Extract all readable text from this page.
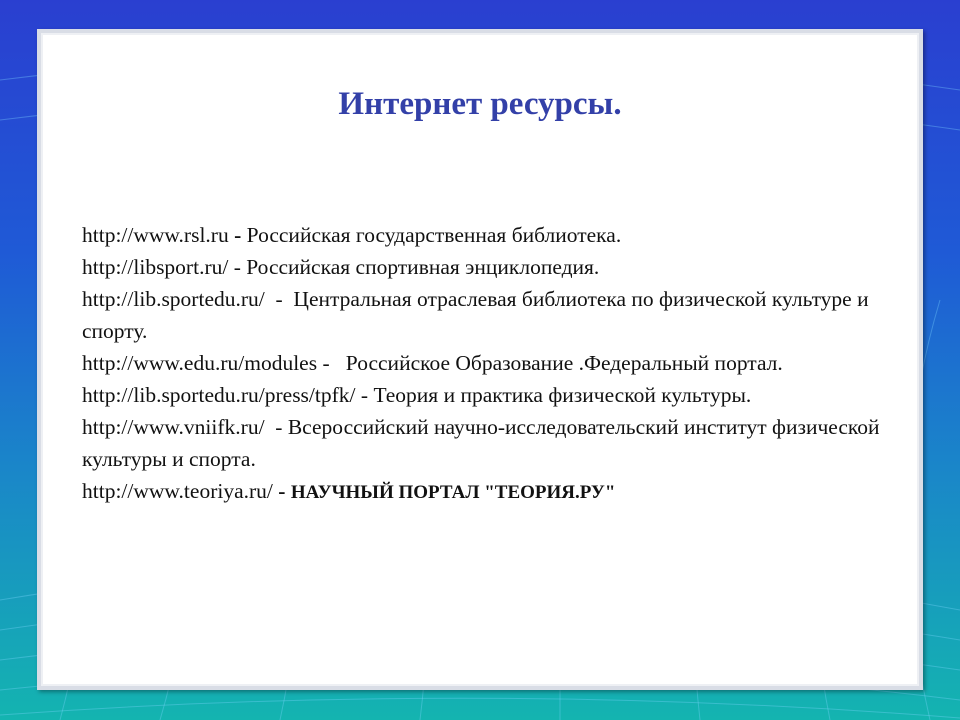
Интернет ресурсы.
http://www.rsl.ru - Российская государственная библиотека.
http://libsport.ru/ - Российская спортивная энциклопедия.
http://lib.sportedu.ru/  -  Центральная отраслевая библиотека по физической культуре и спорту.
http://www.edu.ru/modules -   Российское Образование .Федеральный портал.
http://lib.sportedu.ru/press/tpfk/ - Теория и практика физической культуры.
http://www.vniifk.ru/  - Всероссийский научно-исследовательский институт физической культуры и спорта.
http://www.teoriya.ru/ - НАУЧНЫЙ ПОРТАЛ "ТЕОРИЯ.РУ"
